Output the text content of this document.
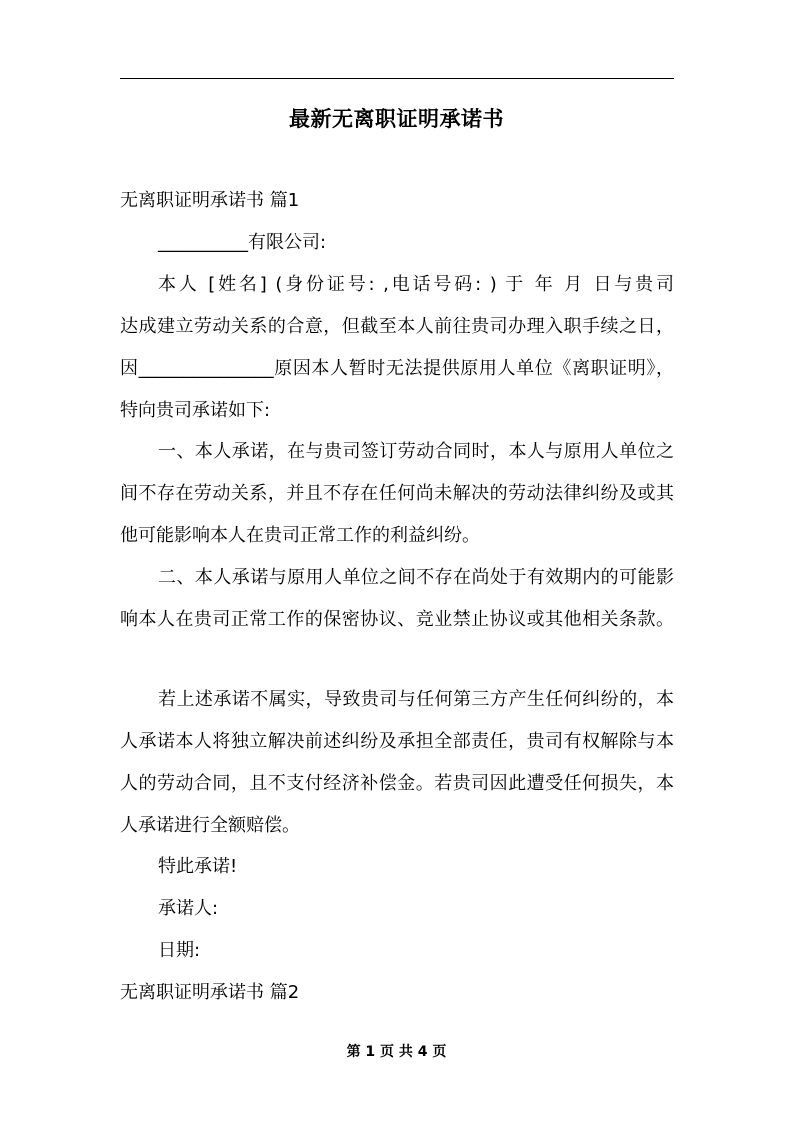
最新无离职证明承诺书
无离职证明承诺书 篇1
__________有限公司:
本人 [姓名] (身份证号: ,电话号码: ) 于 年 月 日与贵司
达成建立劳动关系的合意，但截至本人前往贵司办理入职手续之日，
因_______________原因本人暂时无法提供原用人单位《离职证明》，
特向贵司承诺如下:
一、本人承诺，在与贵司签订劳动合同时，本人与原用人单位之
间不存在劳动关系，并且不存在任何尚未解决的劳动法律纠纷及或其
他可能影响本人在贵司正常工作的利益纠纷。
二、本人承诺与原用人单位之间不存在尚处于有效期内的可能影
响本人在贵司正常工作的保密协议、竞业禁止协议或其他相关条款。
若上述承诺不属实，导致贵司与任何第三方产生任何纠纷的，本
人承诺本人将独立解决前述纠纷及承担全部责任，贵司有权解除与本
人的劳动合同，且不支付经济补偿金。若贵司因此遭受任何损失，本
人承诺进行全额赔偿。
特此承诺!
承诺人:
日期:
无离职证明承诺书 篇2
第 1 页 共 4 页
